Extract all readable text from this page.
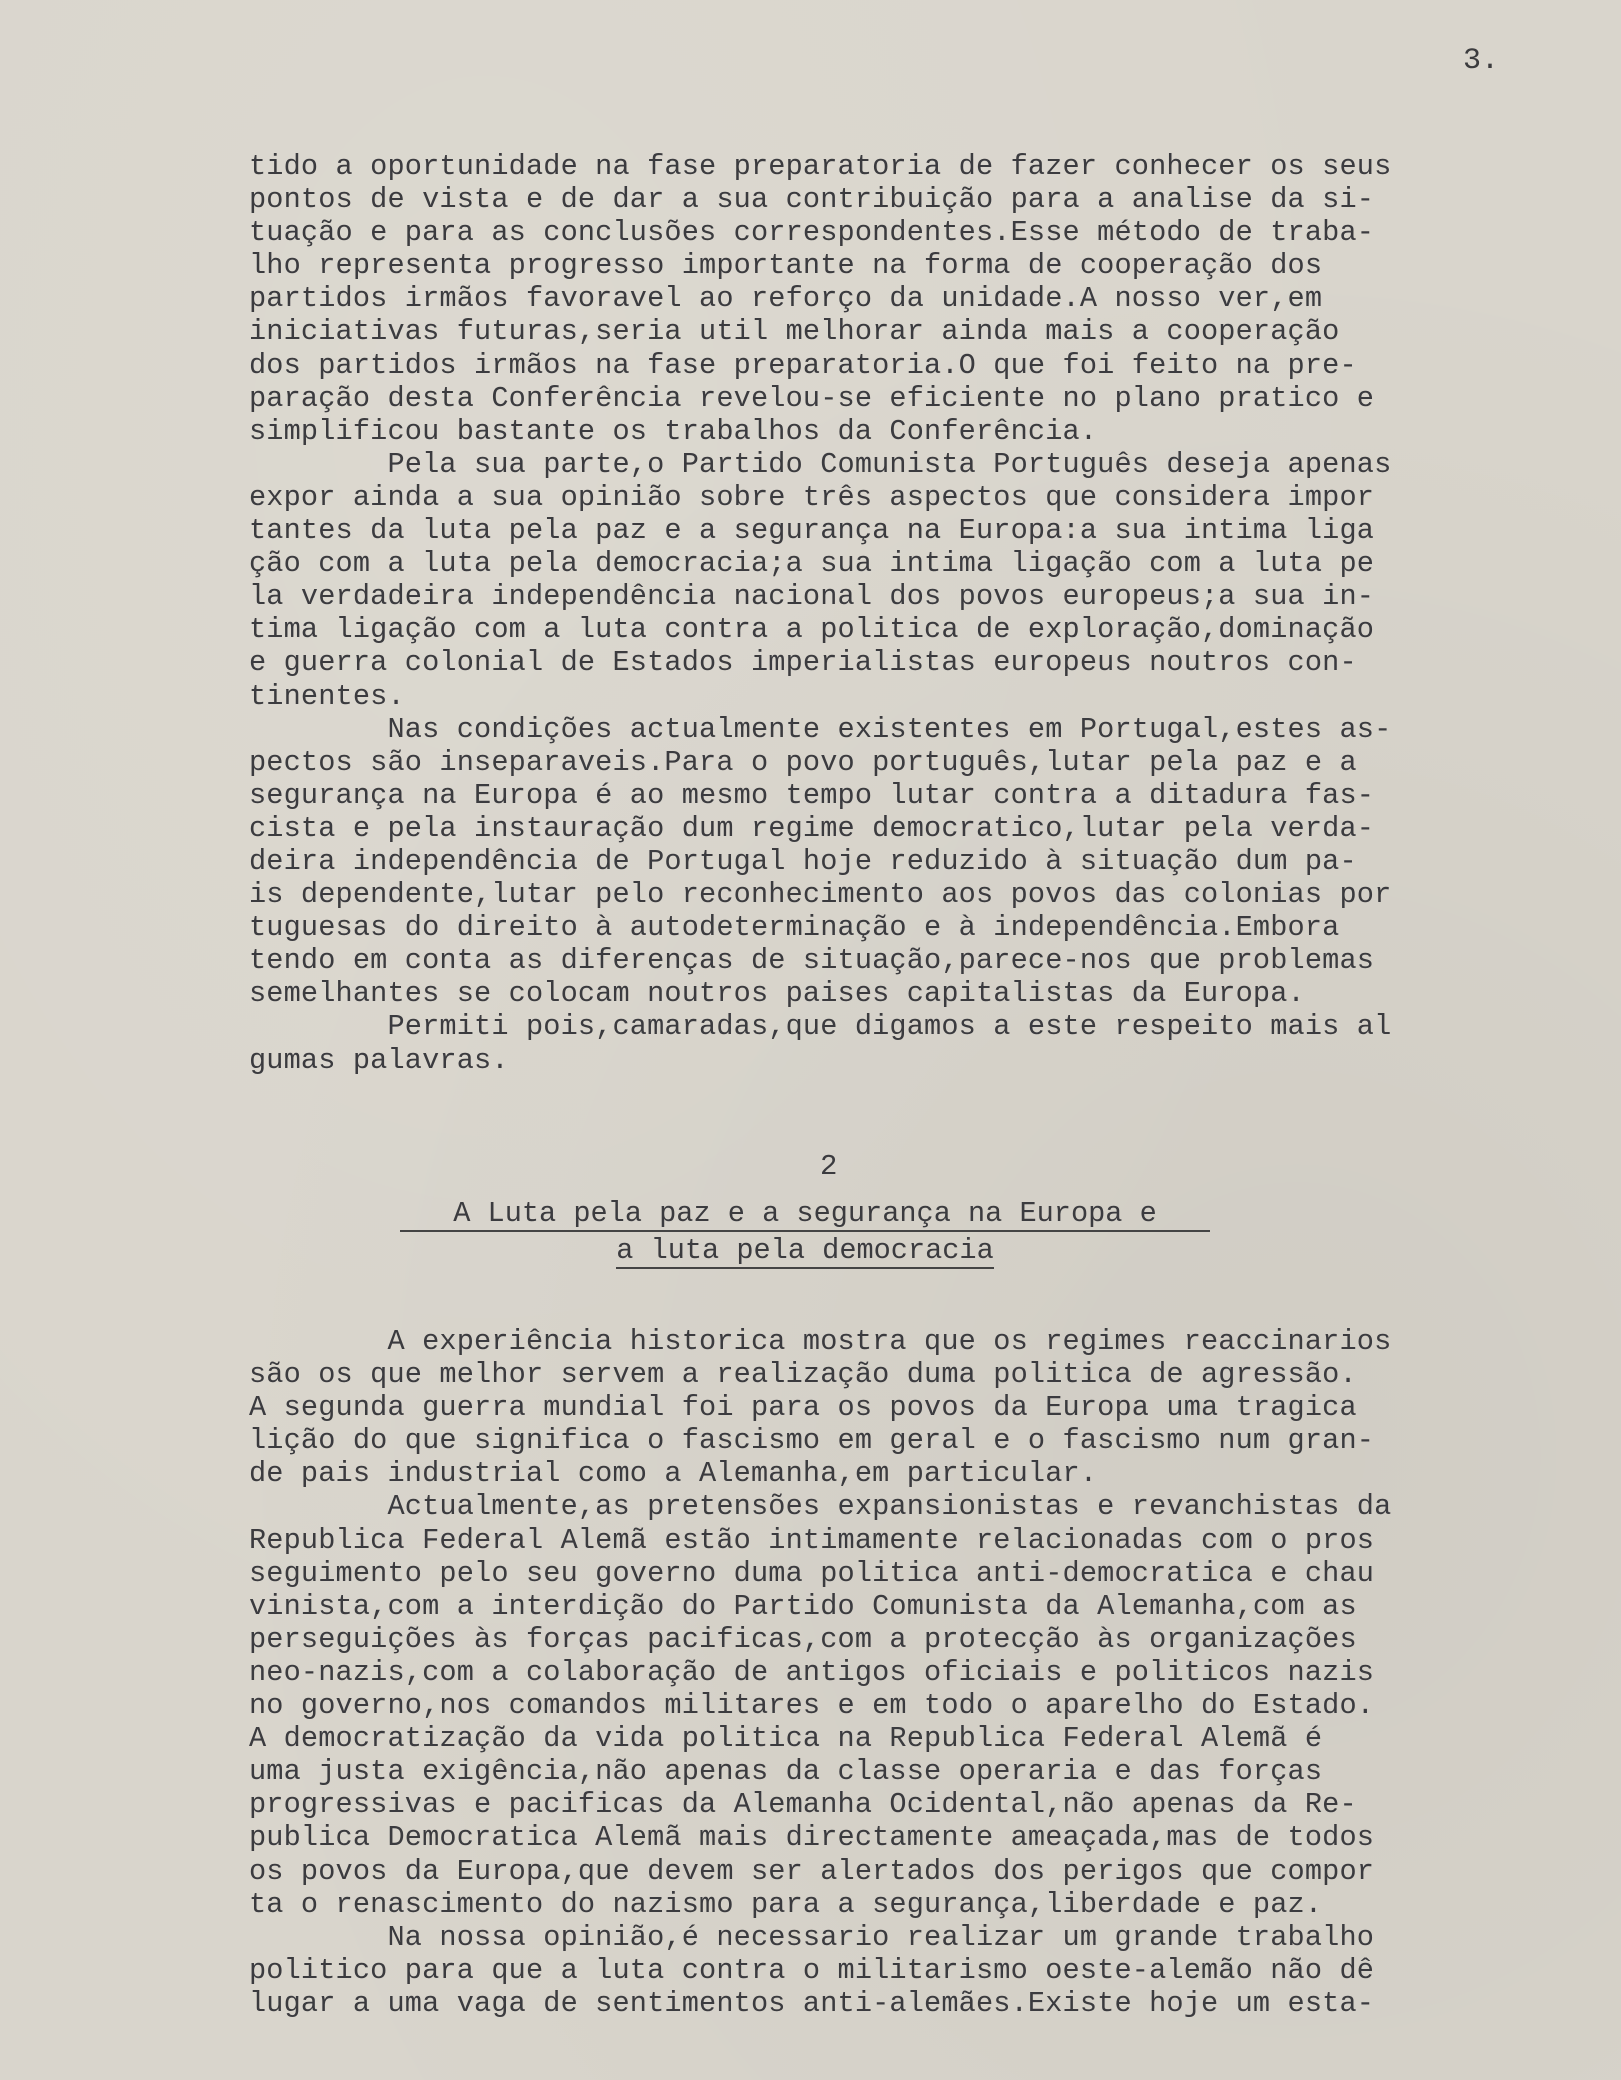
3.
tido a oportunidade na fase preparatoria de fazer conhecer os seus
pontos de vista e de dar a sua contribuição para a analise da si-
tuação e para as conclusões correspondentes.Esse método de traba-
lho representa progresso importante na forma de cooperação dos
partidos irmãos favoravel ao reforço da unidade.A nosso ver,em
iniciativas futuras,seria util melhorar ainda mais a cooperação
dos partidos irmãos na fase preparatoria.O que foi feito na pre-
paração desta Conferência revelou-se eficiente no plano pratico e
simplificou bastante os trabalhos da Conferência.
Pela sua parte,o Partido Comunista Português deseja apenas
expor ainda a sua opinião sobre três aspectos que considera impor
tantes da luta pela paz e a segurança na Europa:a sua intima liga
ção com a luta pela democracia;a sua intima ligação com a luta pe
la verdadeira independência nacional dos povos europeus;a sua in-
tima ligação com a luta contra a politica de exploração,dominação
e guerra colonial de Estados imperialistas europeus noutros con-
tinentes.
Nas condições actualmente existentes em Portugal,estes as-
pectos são inseparaveis.Para o povo português,lutar pela paz e a
segurança na Europa é ao mesmo tempo lutar contra a ditadura fas-
cista e pela instauração dum regime democratico,lutar pela verda-
deira independência de Portugal hoje reduzido à situação dum pa-
is dependente,lutar pelo reconhecimento aos povos das colonias por
tuguesas do direito à autodeterminação e à independência.Embora
tendo em conta as diferenças de situação,parece-nos que problemas
semelhantes se colocam noutros paises capitalistas da Europa.
Permiti pois,camaradas,que digamos a este respeito mais al
gumas palavras.
2
A Luta pela paz e a segurança na Europa e
a luta pela democracia
A experiência historica mostra que os regimes reaccinarios
são os que melhor servem a realização duma politica de agressão.
A segunda guerra mundial foi para os povos da Europa uma tragica
lição do que significa o fascismo em geral e o fascismo num gran-
de pais industrial como a Alemanha,em particular.
Actualmente,as pretensões expansionistas e revanchistas da
Republica Federal Alemã estão intimamente relacionadas com o pros
seguimento pelo seu governo duma politica anti-democratica e chau
vinista,com a interdição do Partido Comunista da Alemanha,com as
perseguições às forças pacificas,com a protecção às organizações
neo-nazis,com a colaboração de antigos oficiais e politicos nazis
no governo,nos comandos militares e em todo o aparelho do Estado.
A democratização da vida politica na Republica Federal Alemã é
uma justa exigência,não apenas da classe operaria e das forças
progressivas e pacificas da Alemanha Ocidental,não apenas da Re-
publica Democratica Alemã mais directamente ameaçada,mas de todos
os povos da Europa,que devem ser alertados dos perigos que compor
ta o renascimento do nazismo para a segurança,liberdade e paz.
Na nossa opinião,é necessario realizar um grande trabalho
politico para que a luta contra o militarismo oeste-alemão não dê
lugar a uma vaga de sentimentos anti-alemães.Existe hoje um esta-
